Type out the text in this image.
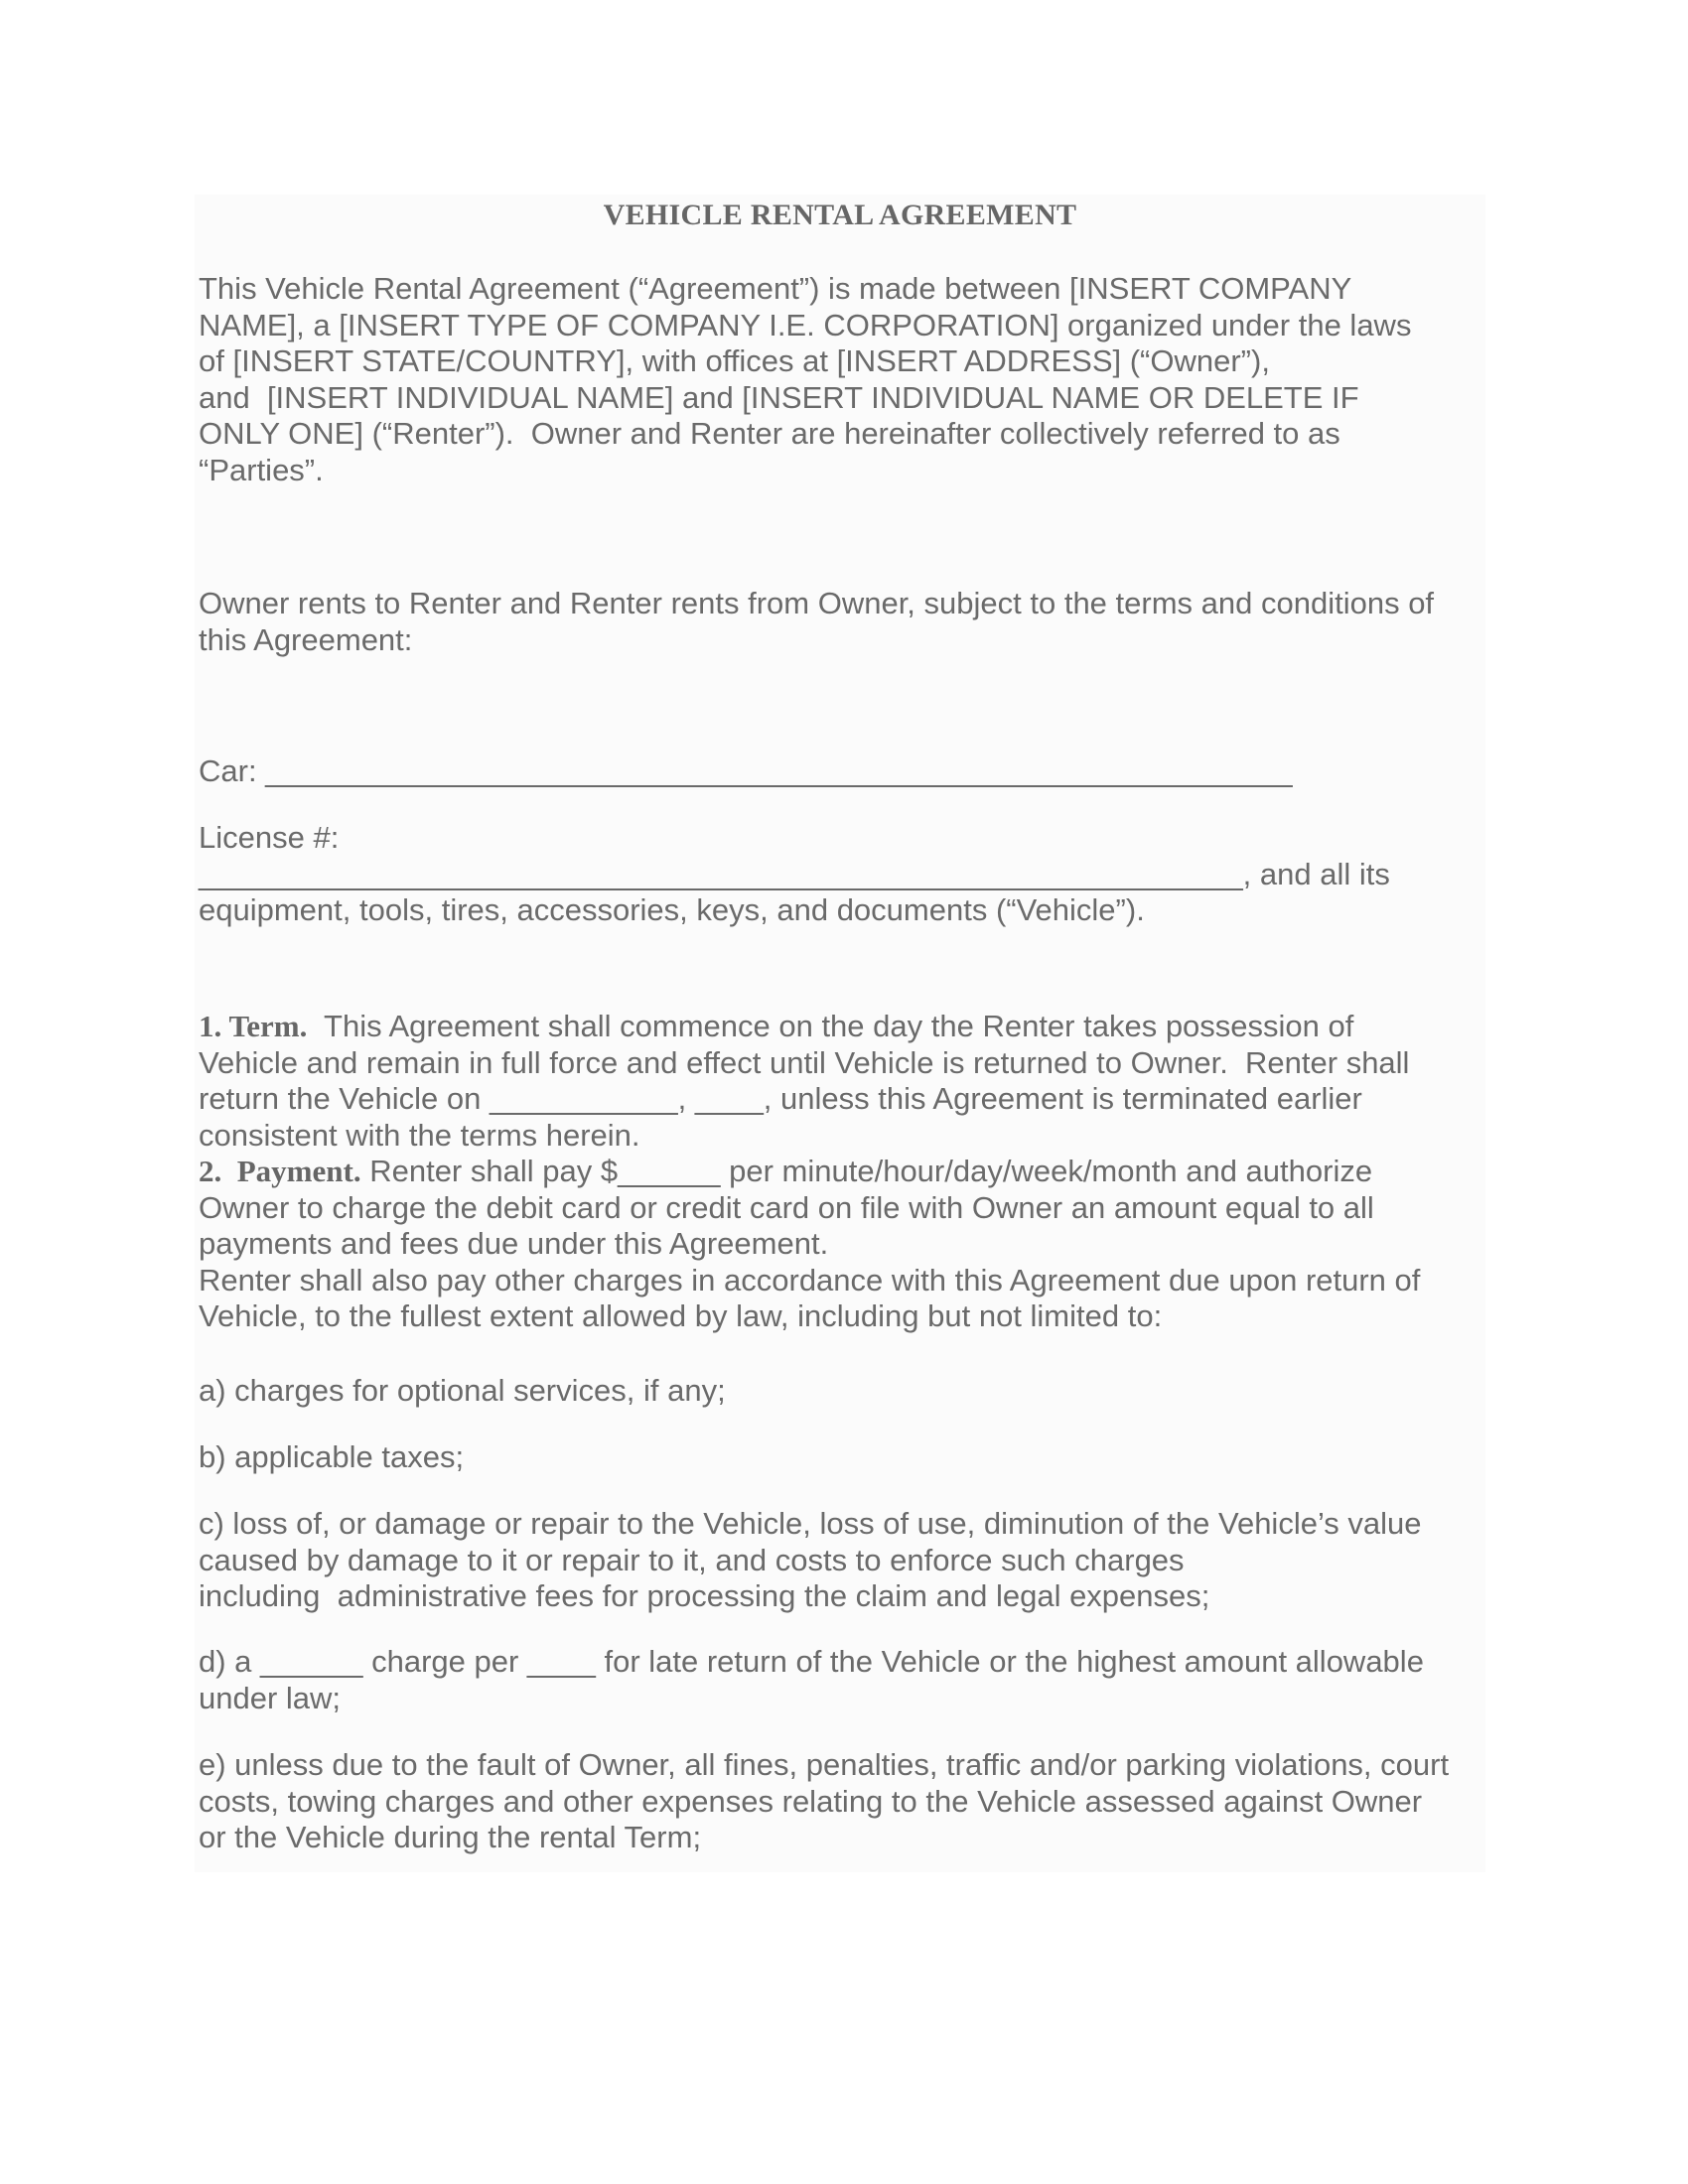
VEHICLE RENTAL AGREEMENT
This Vehicle Rental Agreement (“Agreement”) is made between [INSERT COMPANY
NAME], a [INSERT TYPE OF COMPANY I.E. CORPORATION] organized under the laws
of [INSERT STATE/COUNTRY], with offices at [INSERT ADDRESS] (“Owner”),
and  [INSERT INDIVIDUAL NAME] and [INSERT INDIVIDUAL NAME OR DELETE IF
ONLY ONE] (“Renter”).  Owner and Renter are hereinafter collectively referred to as
“Parties”.
Owner rents to Renter and Renter rents from Owner, subject to the terms and conditions of
this Agreement:
Car: ____________________________________________________________
License #:
_____________________________________________________________, and all its
equipment, tools, tires, accessories, keys, and documents (“Vehicle”).
1. Term.  This Agreement shall commence on the day the Renter takes possession of
Vehicle and remain in full force and effect until Vehicle is returned to Owner.  Renter shall
return the Vehicle on ___________, ____, unless this Agreement is terminated earlier
consistent with the terms herein.
2.  Payment. Renter shall pay $______ per minute/hour/day/week/month and authorize
Owner to charge the debit card or credit card on file with Owner an amount equal to all
payments and fees due under this Agreement.
Renter shall also pay other charges in accordance with this Agreement due upon return of
Vehicle, to the fullest extent allowed by law, including but not limited to:
a) charges for optional services, if any;
b) applicable taxes;
c) loss of, or damage or repair to the Vehicle, loss of use, diminution of the Vehicle’s value
caused by damage to it or repair to it, and costs to enforce such charges
including  administrative fees for processing the claim and legal expenses;
d) a ______ charge per ____ for late return of the Vehicle or the highest amount allowable
under law;
e) unless due to the fault of Owner, all fines, penalties, traffic and/or parking violations, court
costs, towing charges and other expenses relating to the Vehicle assessed against Owner
or the Vehicle during the rental Term;
